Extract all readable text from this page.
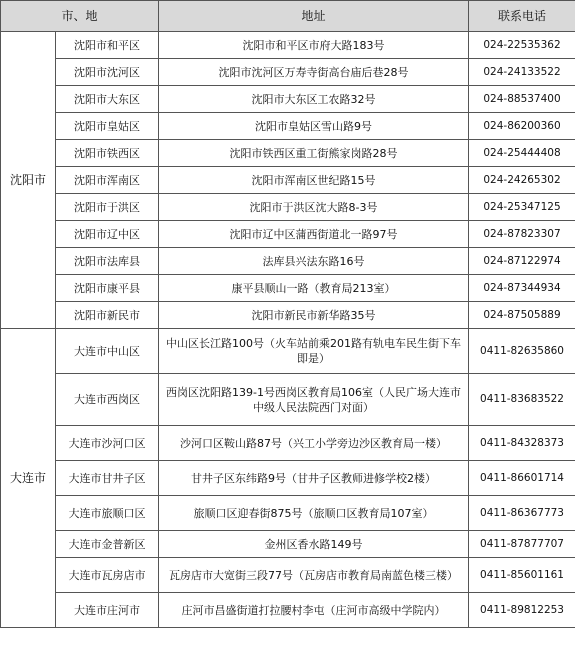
市、地		地址	联系电话
沈阳市	沈阳市和平区	沈阳市和平区市府大路183号	024-22535362
	沈阳市沈河区	沈阳市沈河区万寿寺街高台庙后巷28号	024-24133522
	沈阳市大东区	沈阳市大东区工农路32号	024-88537400
	沈阳市皇姑区	沈阳市皇姑区雪山路9号	024-86200360
	沈阳市铁西区	沈阳市铁西区重工街熊家岗路28号	024-25444408
	沈阳市浑南区	沈阳市浑南区世纪路15号	024-24265302
	沈阳市于洪区	沈阳市于洪区沈大路8-3号	024-25347125
	沈阳市辽中区	沈阳市辽中区蒲西街道北一路97号	024-87823307
	沈阳市法库县	法库县兴法东路16号	024-87122974
	沈阳市康平县	康平县顺山一路（教育局213室）	024-87344934
	沈阳市新民市	沈阳市新民市新华路35号	024-87505889
大连市	大连市中山区	中山区长江路100号（火车站前乘201路有轨电车民生街下车即是）	0411-82635860
	大连市西岗区	西岗区沈阳路139-1号西岗区教育局106室（人民广场大连市中级人民法院西门对面）	0411-83683522
	大连市沙河口区	沙河口区鞍山路87号（兴工小学旁边沙区教育局一楼）	0411-84328373
	大连市甘井子区	甘井子区东纬路9号（甘井子区教师进修学校2楼）	0411-86601714
	大连市旅顺口区	旅顺口区迎春街875号（旅顺口区教育局107室）	0411-86367773
	大连市金普新区	金州区香水路149号	0411-87877707
	大连市瓦房店市	瓦房店市大宽街三段77号（瓦房店市教育局南蓝色楼三楼）	0411-85601161
	大连市庄河市	庄河市昌盛街道打拉腰村李屯（庄河市高级中学院内）	0411-89812253
